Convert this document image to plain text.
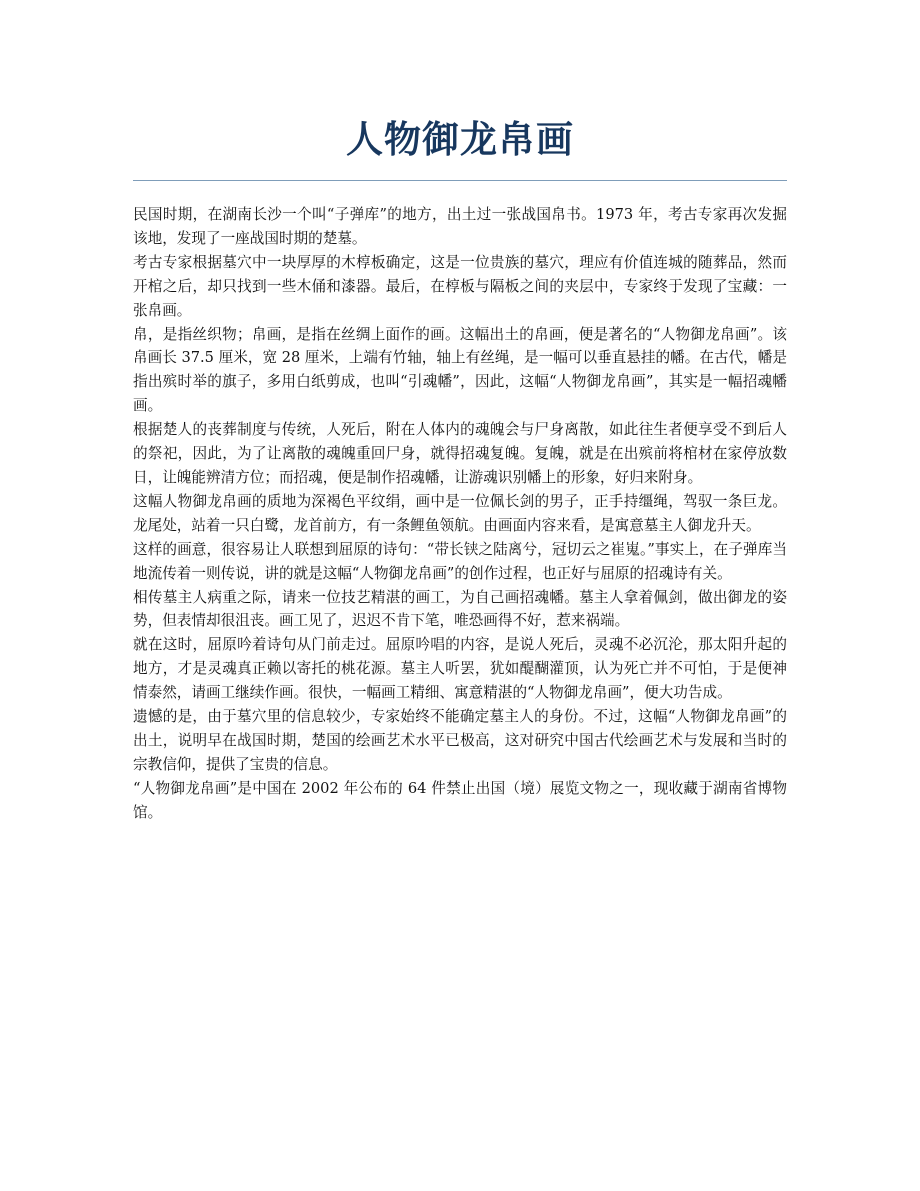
人物御龙帛画

民国时期，在湖南长沙一个叫“子弹库”的地方，出土过一张战国帛书。1973 年，考古专家再次发掘该地，发现了一座战国时期的楚墓。

考古专家根据墓穴中一块厚厚的木椁板确定，这是一位贵族的墓穴，理应有价值连城的随葬品，然而开棺之后，却只找到一些木俑和漆器。最后，在椁板与隔板之间的夹层中，专家终于发现了宝藏：一张帛画。

帛，是指丝织物；帛画，是指在丝绸上面作的画。这幅出土的帛画，便是著名的“人物御龙帛画”。该帛画长 37.5 厘米，宽 28 厘米，上端有竹轴，轴上有丝绳，是一幅可以垂直悬挂的幡。在古代，幡是指出殡时举的旗子，多用白纸剪成，也叫“引魂幡”，因此，这幅“人物御龙帛画”，其实是一幅招魂幡画。

根据楚人的丧葬制度与传统，人死后，附在人体内的魂魄会与尸身离散，如此往生者便享受不到后人的祭祀，因此，为了让离散的魂魄重回尸身，就得招魂复魄。复魄，就是在出殡前将棺材在家停放数日，让魄能辨清方位；而招魂，便是制作招魂幡，让游魂识别幡上的形象，好归来附身。

这幅人物御龙帛画的质地为深褐色平纹绢，画中是一位佩长剑的男子，正手持缰绳，驾驭一条巨龙。龙尾处，站着一只白鹭，龙首前方，有一条鲤鱼领航。由画面内容来看，是寓意墓主人御龙升天。

这样的画意，很容易让人联想到屈原的诗句：“带长铗之陆离兮，冠切云之崔嵬。”事实上，在子弹库当地流传着一则传说，讲的就是这幅“人物御龙帛画”的创作过程，也正好与屈原的招魂诗有关。

相传墓主人病重之际，请来一位技艺精湛的画工，为自己画招魂幡。墓主人拿着佩剑，做出御龙的姿势，但表情却很沮丧。画工见了，迟迟不肯下笔，唯恐画得不好，惹来祸端。

就在这时，屈原吟着诗句从门前走过。屈原吟唱的内容，是说人死后，灵魂不必沉沦，那太阳升起的地方，才是灵魂真正赖以寄托的桃花源。墓主人听罢，犹如醍醐灌顶，认为死亡并不可怕，于是便神情泰然，请画工继续作画。很快，一幅画工精细、寓意精湛的“人物御龙帛画”，便大功告成。

遗憾的是，由于墓穴里的信息较少，专家始终不能确定墓主人的身份。不过，这幅“人物御龙帛画”的出土，说明早在战国时期，楚国的绘画艺术水平已极高，这对研究中国古代绘画艺术与发展和当时的宗教信仰，提供了宝贵的信息。

“人物御龙帛画”是中国在 2002 年公布的 64 件禁止出国（境）展览文物之一，现收藏于湖南省博物馆。
